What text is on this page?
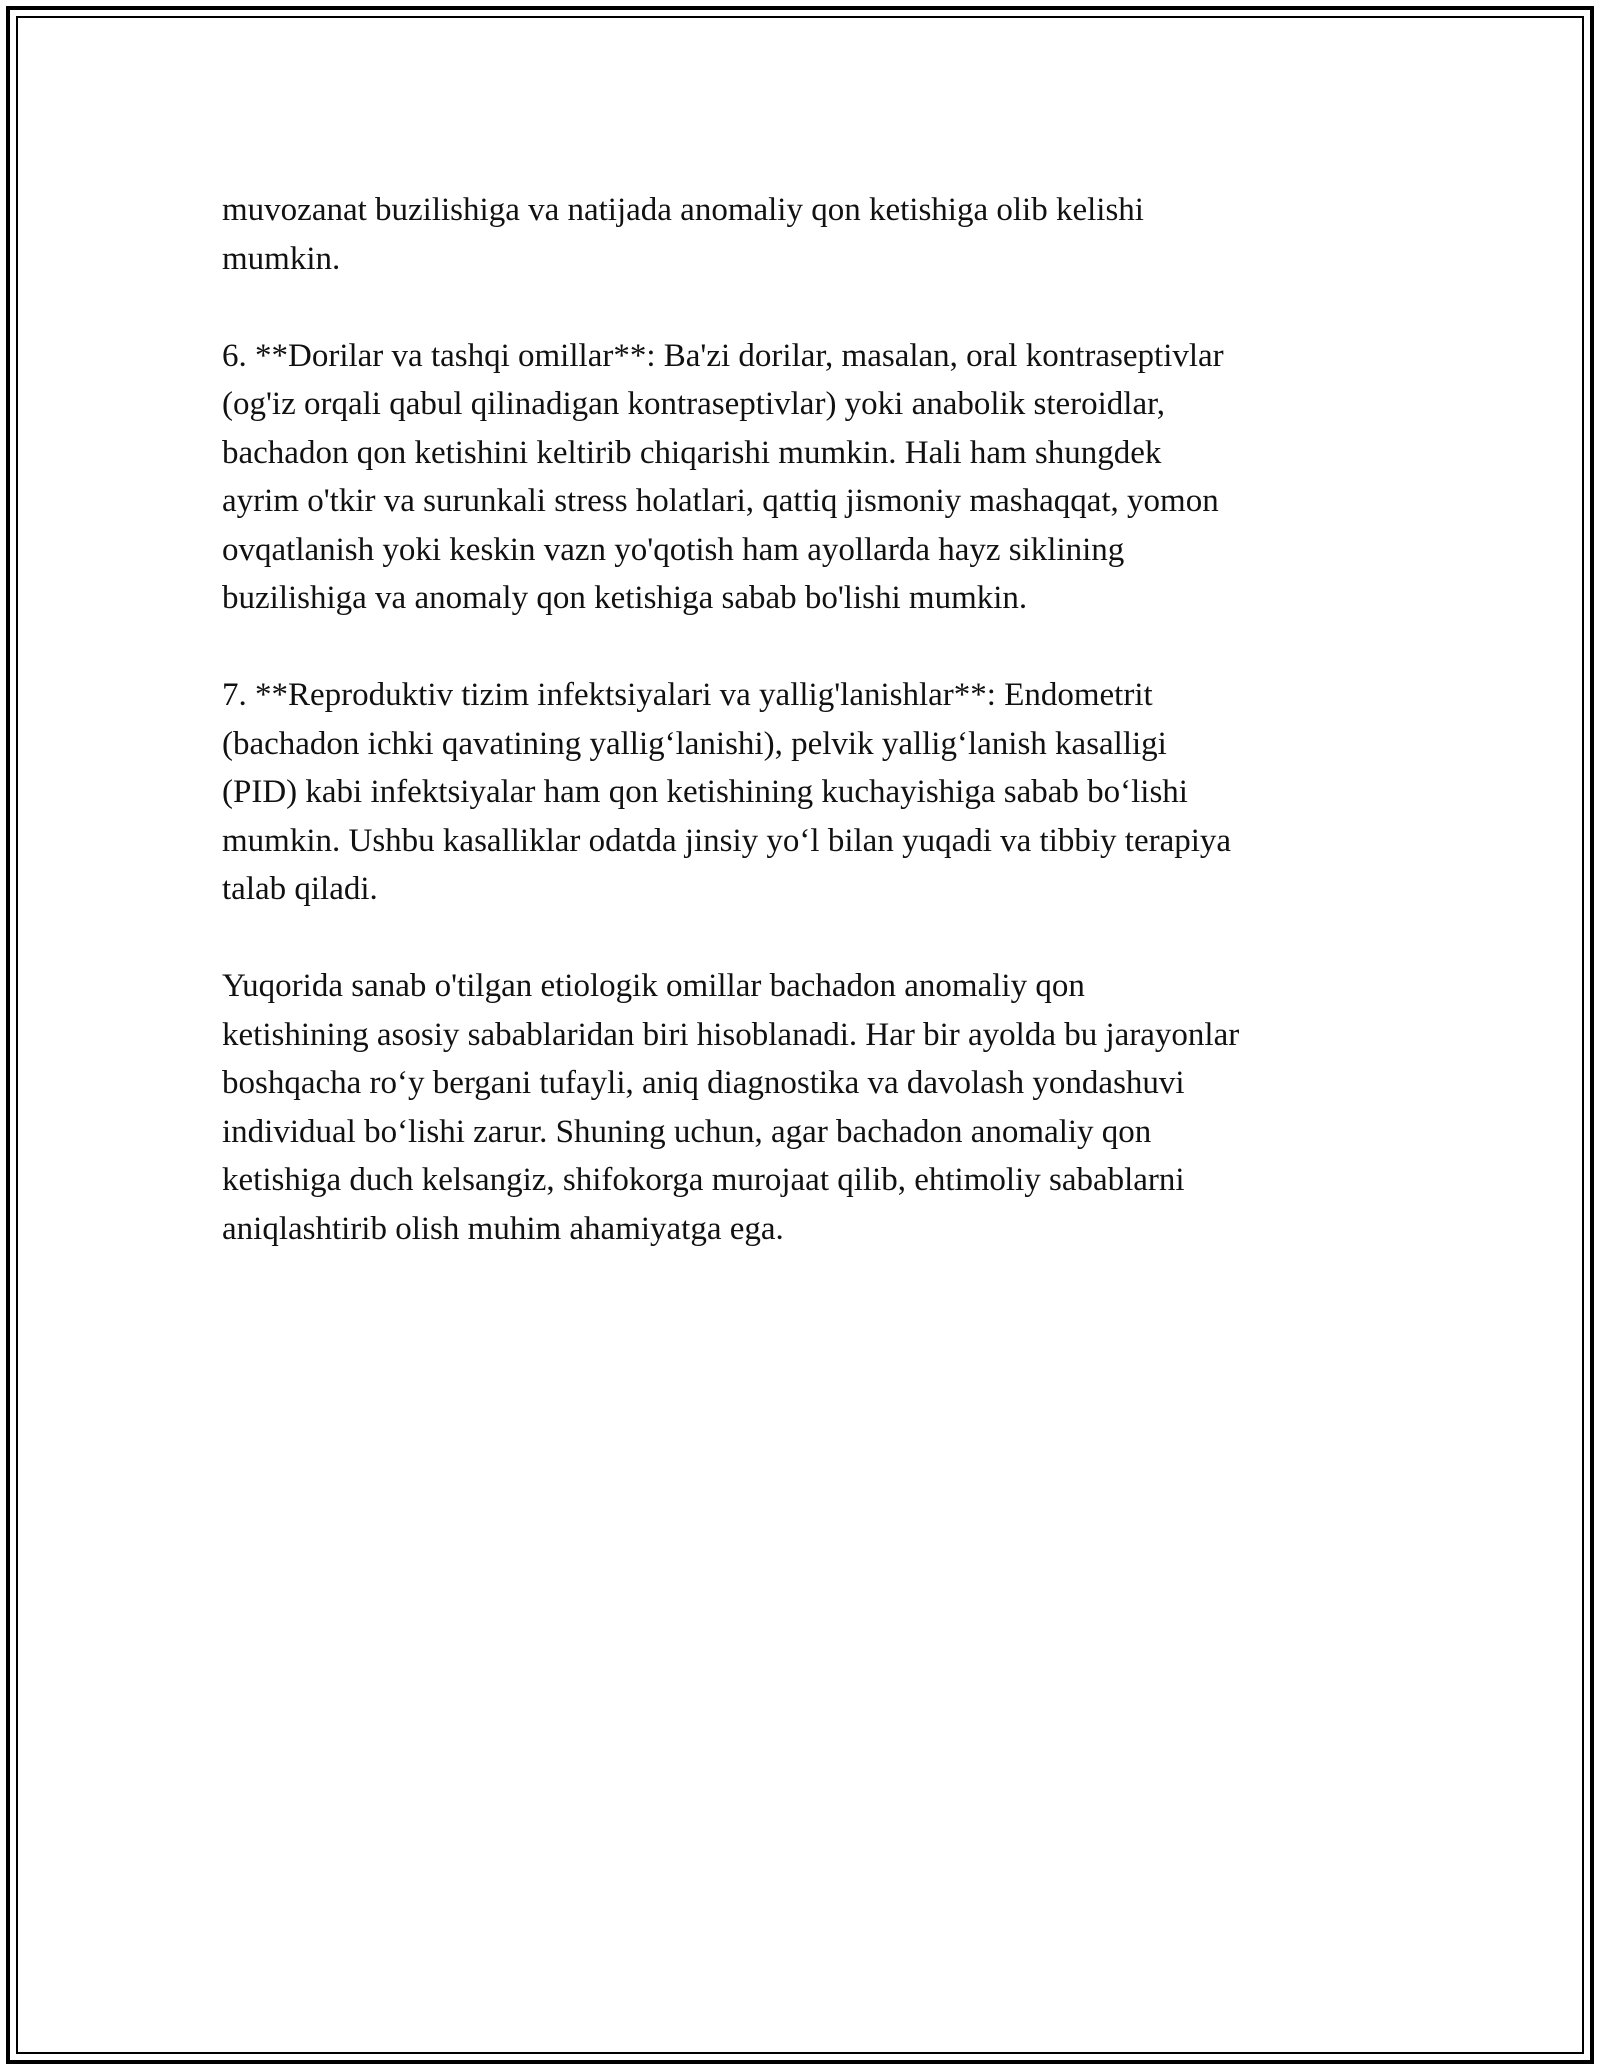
muvozanat buzilishiga va natijada anomaliy qon ketishiga olib kelishi
mumkin.
6. **Dorilar va tashqi omillar**: Ba'zi dorilar, masalan, oral kontraseptivlar
(og'iz orqali qabul qilinadigan kontraseptivlar) yoki anabolik steroidlar,
bachadon qon ketishini keltirib chiqarishi mumkin. Hali ham shungdek
ayrim o'tkir va surunkali stress holatlari, qattiq jismoniy mashaqqat, yomon
ovqatlanish yoki keskin vazn yo'qotish ham ayollarda hayz siklining
buzilishiga va anomaly qon ketishiga sabab bo'lishi mumkin.
7. **Reproduktiv tizim infektsiyalari va yallig'lanishlar**: Endometrit
(bachadon ichki qavatining yallig‘lanishi), pelvik yallig‘lanish kasalligi
(PID) kabi infektsiyalar ham qon ketishining kuchayishiga sabab bo‘lishi
mumkin. Ushbu kasalliklar odatda jinsiy yo‘l bilan yuqadi va tibbiy terapiya
talab qiladi.
Yuqorida sanab o'tilgan etiologik omillar bachadon anomaliy qon
ketishining asosiy sabablaridan biri hisoblanadi. Har bir ayolda bu jarayonlar
boshqacha ro‘y bergani tufayli, aniq diagnostika va davolash yondashuvi
individual bo‘lishi zarur. Shuning uchun, agar bachadon anomaliy qon
ketishiga duch kelsangiz, shifokorga murojaat qilib, ehtimoliy sabablarni
aniqlashtirib olish muhim ahamiyatga ega.
